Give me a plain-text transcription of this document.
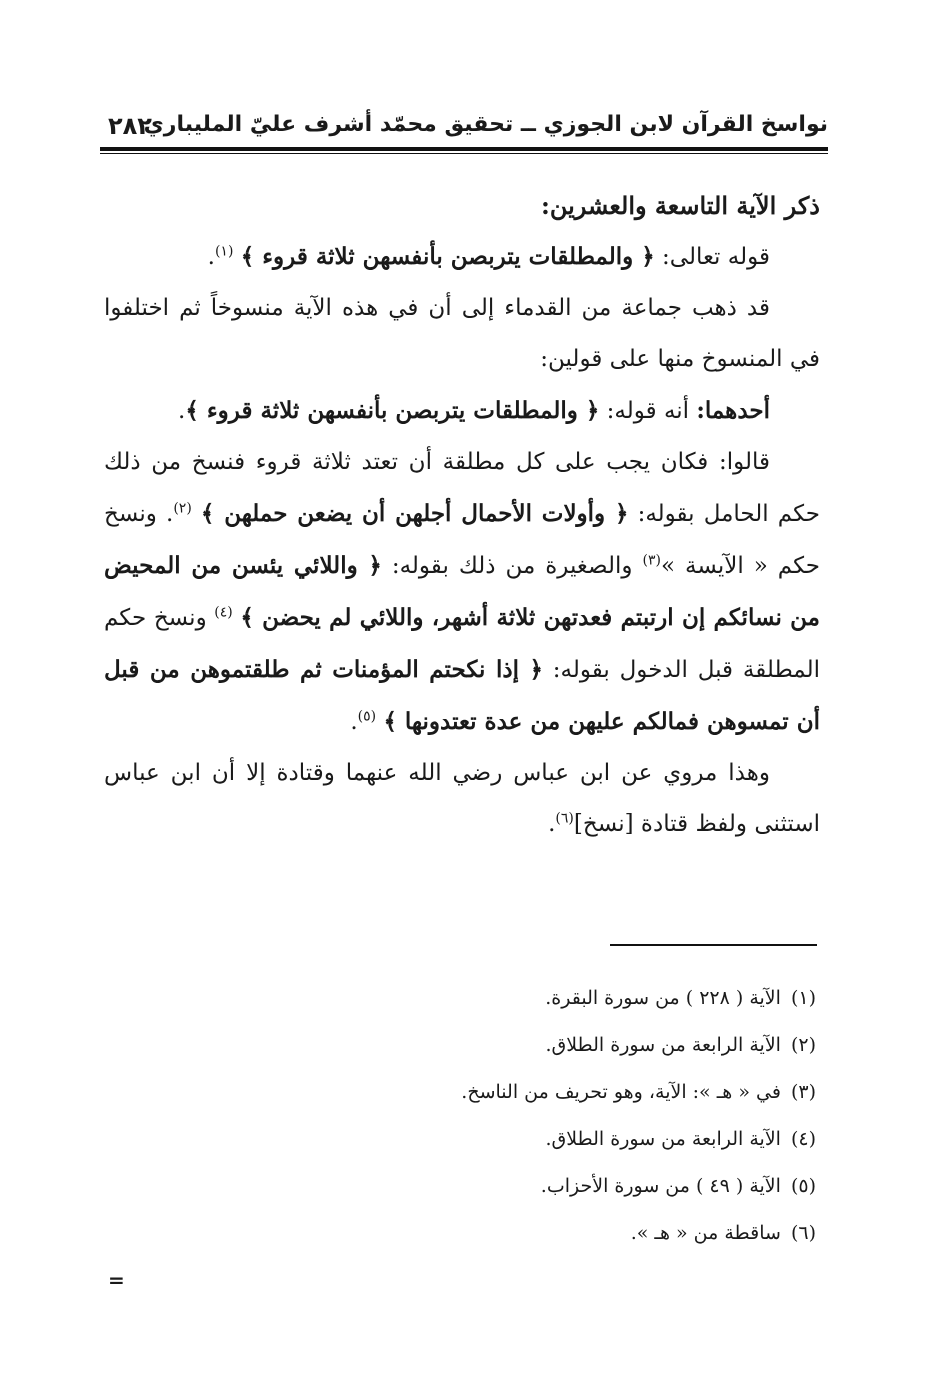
نواسخ القرآن لابن الجوزي ــ تحقيق محمّد أشرف عليّ المليباري
٢٨٢

ذكر الآية التاسعة والعشرين:

قوله تعالى: ﴿ والمطلقات يتربصن بأنفسهن ثلاثة قروء ﴾ $^{(١)}$.

قد ذهب جماعة من القدماء إلى أن في هذه الآية منسوخاً ثم اختلفوا في المنسوخ منها على قولين:

أحدهما: أنه قوله: ﴿ والمطلقات يتربصن بأنفسهن ثلاثة قروء ﴾.

قالوا: فكان يجب على كل مطلقة أن تعتد ثلاثة قروء فنسخ من ذلك حكم الحامل بقوله: ﴿ وأولات الأحمال أجلهن أن يضعن حملهن ﴾ $^{(٢)}$. ونسخ حكم « الآيسة »$^{(٣)}$ والصغيرة من ذلك بقوله: ﴿ واللائي يئسن من المحيض من نسائكم إن ارتبتم فعدتهن ثلاثة أشهر، واللائي لم يحضن ﴾ $^{(٤)}$ ونسخ حكم المطلقة قبل الدخول بقوله: ﴿ إذا نكحتم المؤمنات ثم طلقتموهن من قبل أن تمسوهن فمالكم عليهن من عدة تعتدونها ﴾ $^{(٥)}$.

وهذا مروي عن ابن عباس رضي الله عنهما وقتادة إلا أن ابن عباس استثنى ولفظ قتادة [نسخ]$^{(٦)}$.

(١)الآية ( ٢٢٨ ) من سورة البقرة.
(٢)الآية الرابعة من سورة الطلاق.
(٣)في « هـ »: الآية، وهو تحريف من الناسخ.
(٤)الآية الرابعة من سورة الطلاق.
(٥)الآية ( ٤٩ ) من سورة الأحزاب.
(٦)ساقطة من « هـ ».
=
